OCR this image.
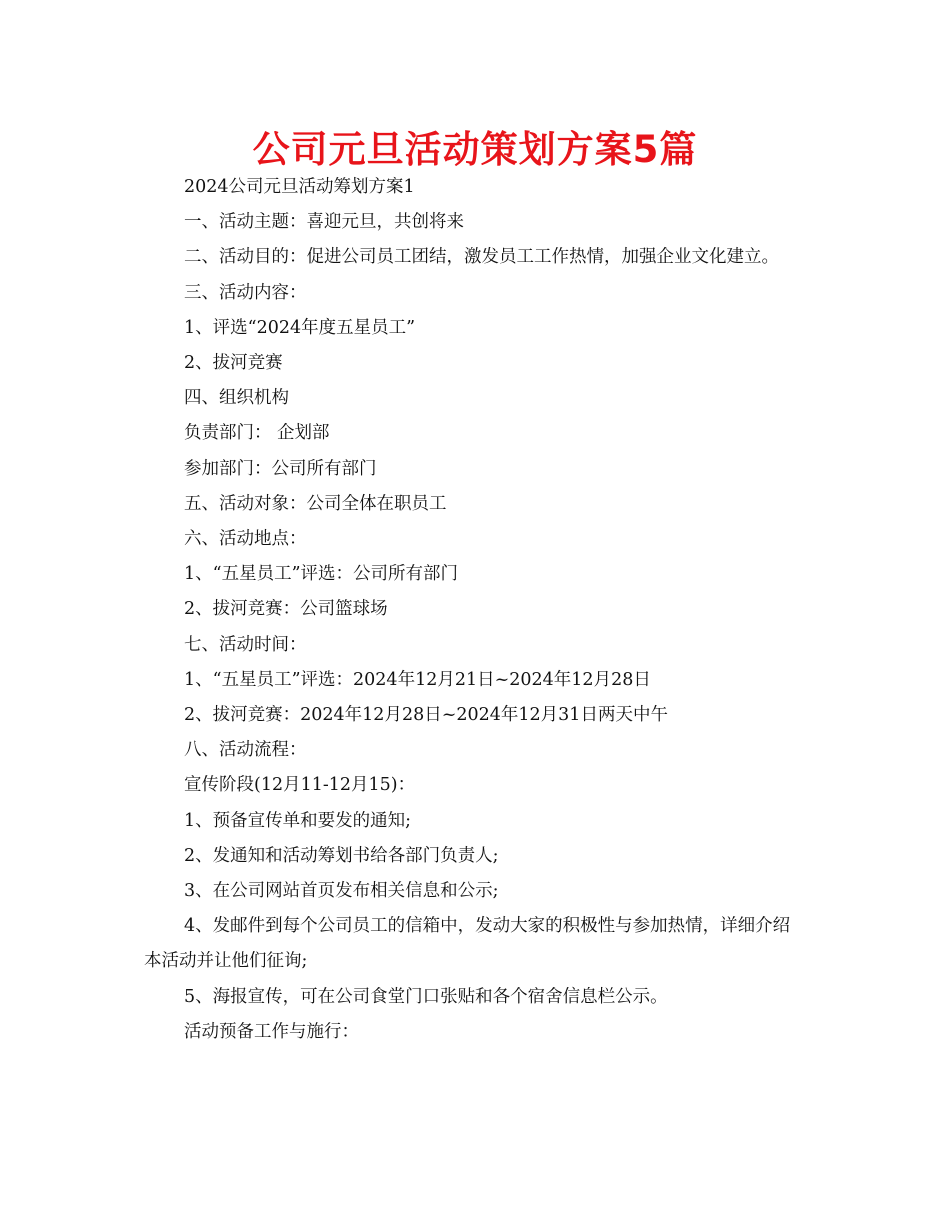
公司元旦活动策划方案5篇

2024公司元旦活动筹划方案1

一、活动主题：喜迎元旦，共创将来

二、活动目的：促进公司员工团结，激发员工工作热情，加强企业文化建立。

三、活动内容：

1、评选“2024年度五星员工”

2、拔河竞赛

四、组织机构

负责部门： 企划部

参加部门：公司所有部门

五、活动对象：公司全体在职员工

六、活动地点：

1、“五星员工”评选：公司所有部门

2、拔河竞赛：公司篮球场

七、活动时间：

1、“五星员工”评选：2024年12月21日~2024年12月28日

2、拔河竞赛：2024年12月28日~2024年12月31日两天中午

八、活动流程：

宣传阶段(12月11-12月15)：

1、预备宣传单和要发的通知;

2、发通知和活动筹划书给各部门负责人;

3、在公司网站首页发布相关信息和公示;

4、发邮件到每个公司员工的信箱中，发动大家的积极性与参加热情，详细介绍本活动并让他们征询;

5、海报宣传，可在公司食堂门口张贴和各个宿舍信息栏公示。

活动预备工作与施行：
